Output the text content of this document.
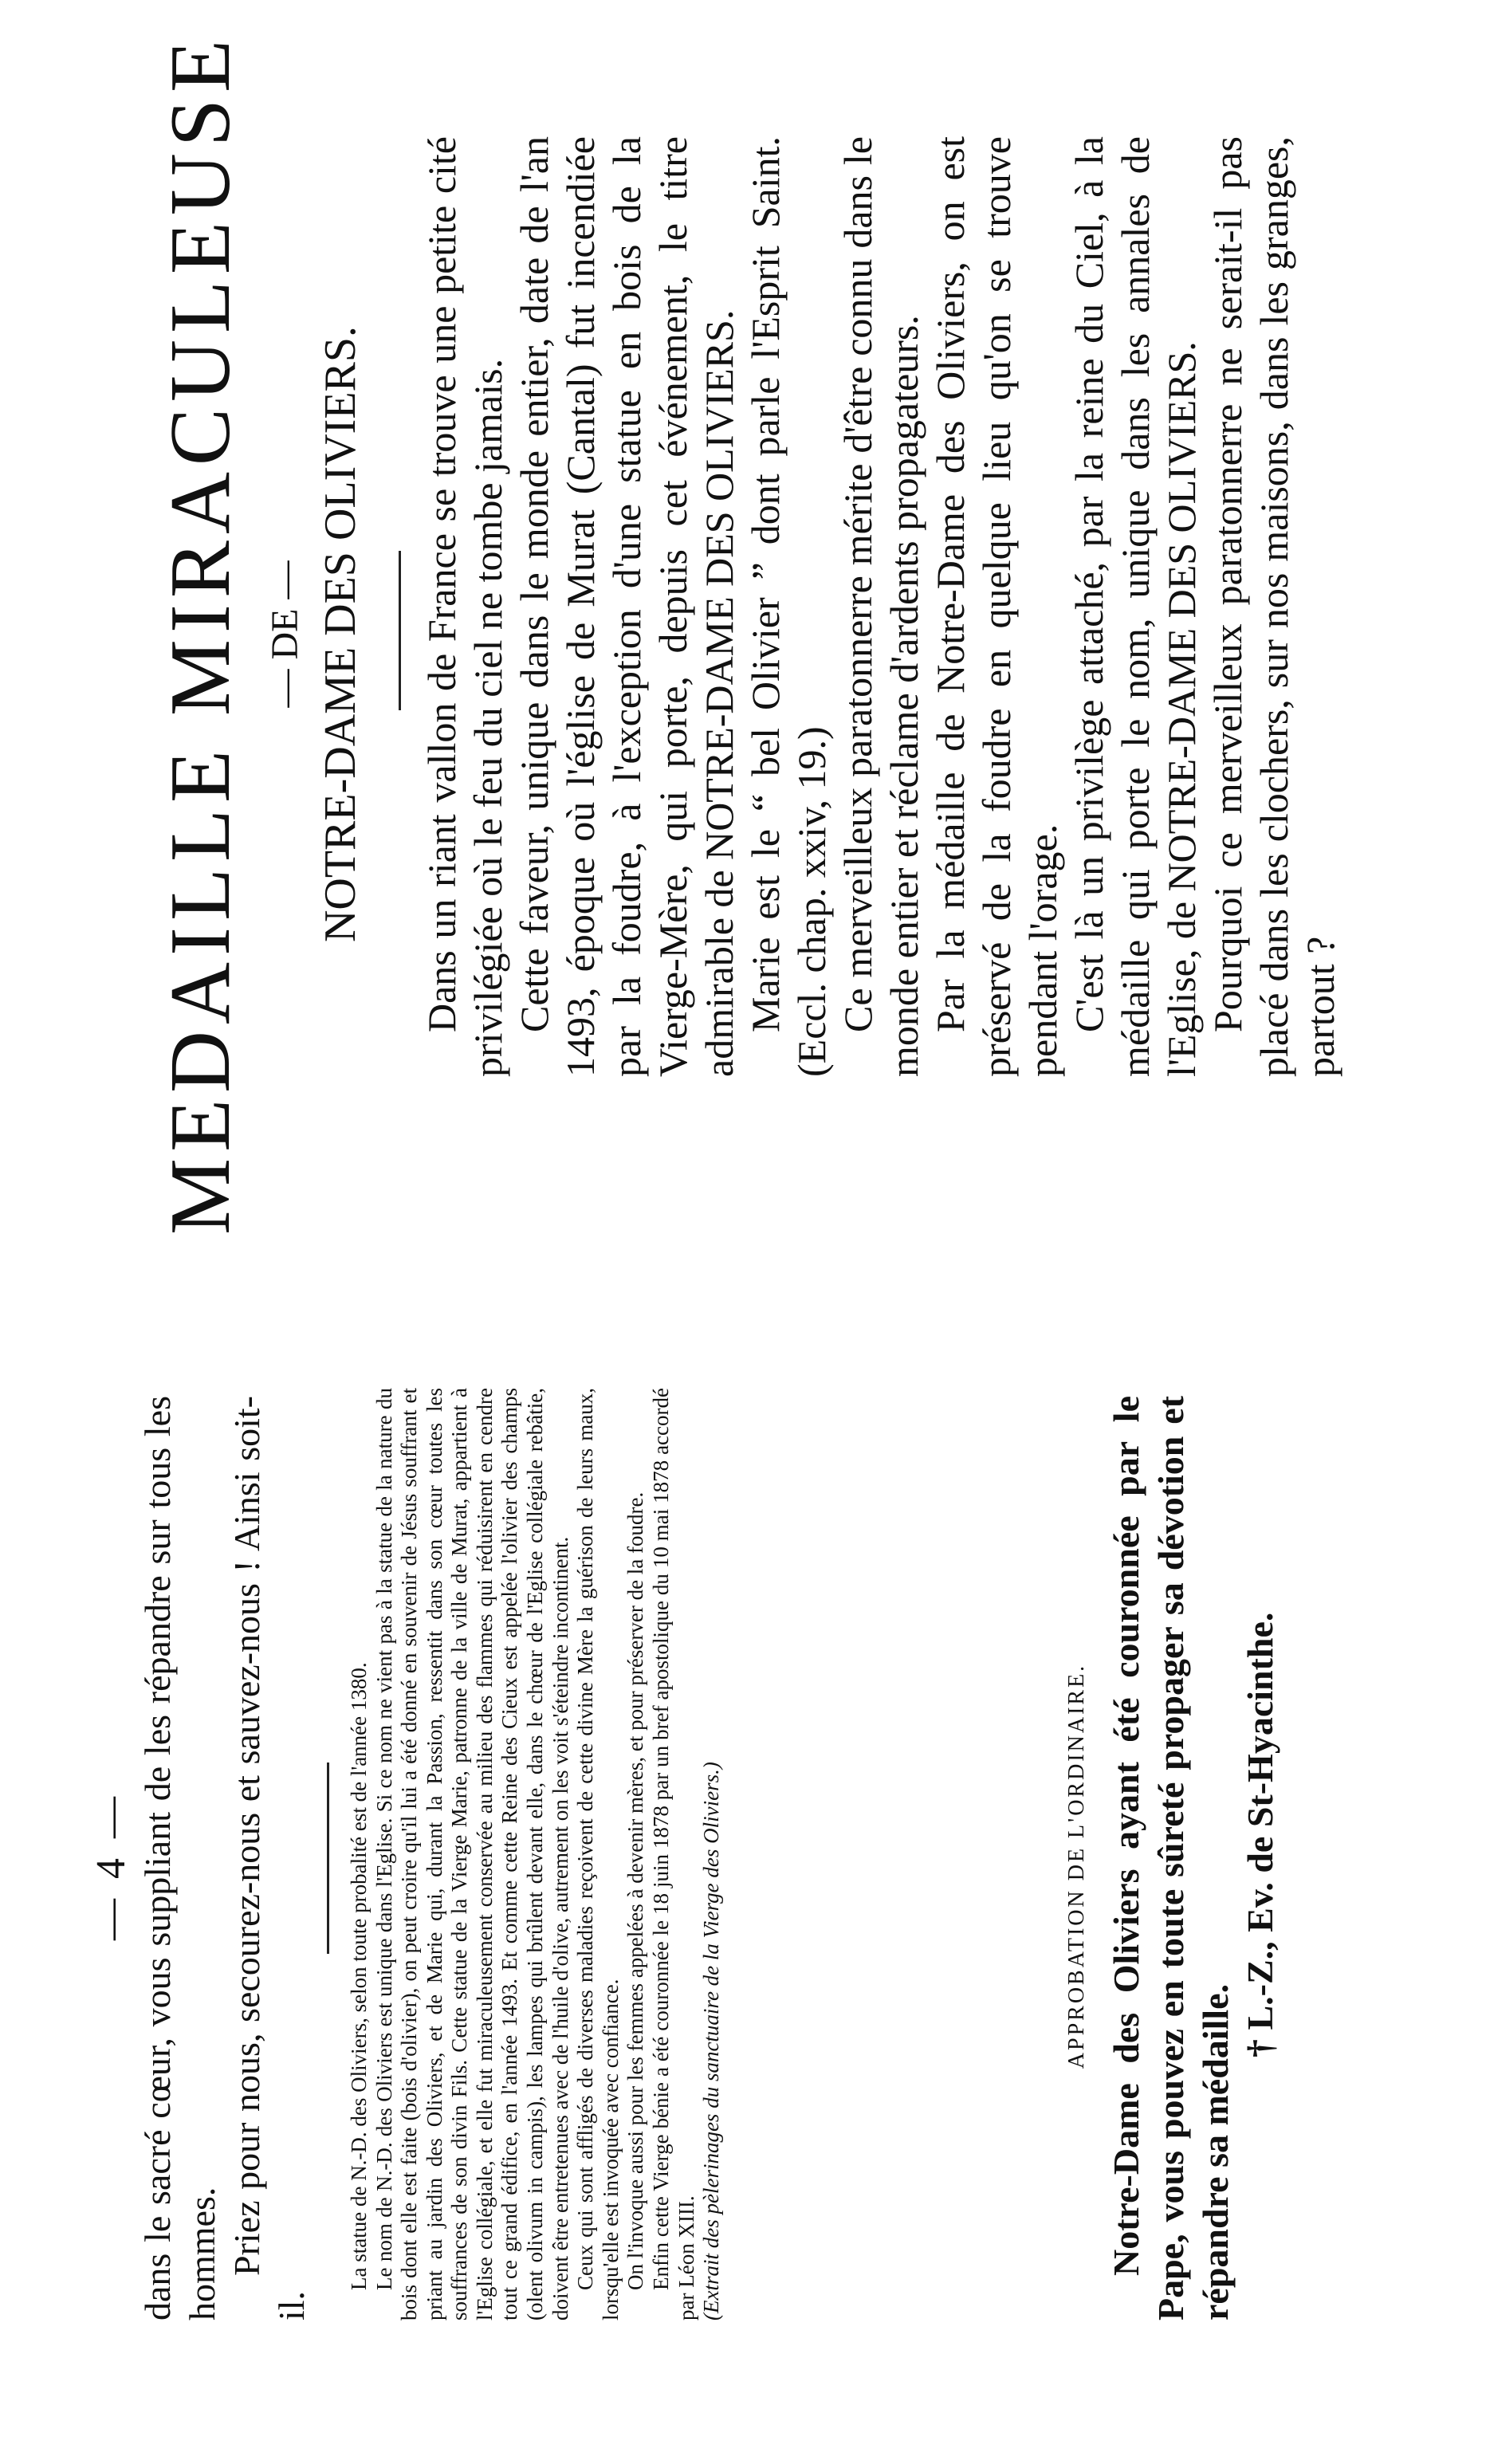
— 4 — dans le sacré cœur, vous suppliant de les répandre sur tous les hommes. Priez pour nous, secourez-nous et sauvez-nous ! Ainsi soit-il.

La statue de N.-D. des Oliviers, selon toute probalité est de l'année 1380. Le nom de N.-D. des Oliviers est unique dans l'Eglise. Si ce nom ne vient pas à la statue de la nature du bois dont elle est faite (bois d'olivier), on peut croire qu'il lui a été donné en souvenir de Jésus souffrant et priant au jardin des Oliviers, et de Marie qui, durant la Passion, ressentit dans son cœur toutes les souffrances de son divin Fils. Cette statue de la Vierge Marie, patronne de la ville de Murat, appartient à l'Eglise collégiale, et elle fut miraculeusement conservée au milieu des flammes qui réduisirent en cendre tout ce grand édifice, en l'année 1493. Et comme cette Reine des Cieux est appelée l'olivier des champs (olent olivum in campis), les lampes qui brûlent devant elle, dans le chœur de l'Eglise collégiale rebâtie, doivent être entretenues avec de l'huile d'olive, autrement on les voit s'éteindre incontinent. Ceux qui sont affligés de diverses maladies reçoivent de cette divine Mère la guérison de leurs maux, lorsqu'elle est invoquée avec confiance. On l'invoque aussi pour les femmes appelées à devenir mères, et pour préserver de la foudre. Enfin cette Vierge bénie a été couronnée le 18 juin 1878 par un bref apostolique du 10 mai 1878 accordé par Léon XIII. (Extrait des pèlerinages du sanctuaire de la Vierge des Oliviers.)	APPROBATION DE L'ORDINAIRE. Notre-Dame des Oliviers ayant été couronnée par le Pape, vous pouvez en toute sûreté propager sa dévotion et répandre sa médaille.

† L.-Z., Ev. de St-Hyacinthe.

MEDAILLE MIRACULEUSE — DE — NOTRE-DAME DES OLIVIERS. Dans un riant vallon de France se trouve une petite cité privilégiée où le feu du ciel ne tombe jamais. Cette faveur, unique dans le monde entier, date de l'an 1493, époque où l'église de Murat (Cantal) fut incendiée par la foudre, à l'exception d'une statue en bois de la Vierge-Mère, qui porte, depuis cet événement, le titre admirable de NOTRE-DAME DES OLIVIERS. Marie est le “ bel Olivier ” dont parle l'Esprit Saint. (Eccl. chap. xxiv, 19.) Ce merveilleux paratonnerre mérite d'être connu dans le monde entier et réclame d'ardents propagateurs. Par la médaille de Notre-Dame des Oliviers, on est préservé de la foudre en quelque lieu qu'on se trouve pendant l'orage. C'est là un privilège attaché, par la reine du Ciel, à la médaille qui porte le nom, unique dans les annales de l'Eglise, de NOTRE-DAME DES OLIVIERS. Pourquoi ce merveilleux paratonnerre ne serait-il pas placé dans les clochers, sur nos maisons, dans les granges, partout ?
